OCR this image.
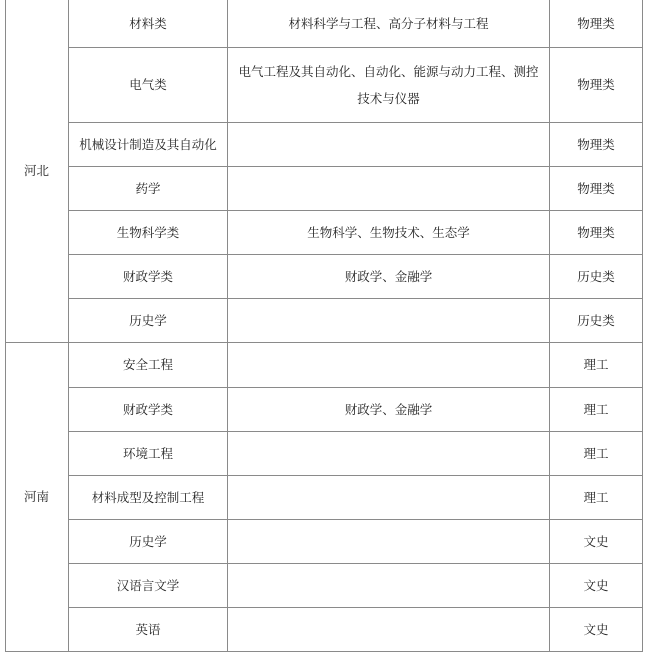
河北	材料类	材料科学与工程、高分子材料与工程	物理类
	电气类	电气工程及其自动化、自动化、能源与动力工程、测控技术与仪器	物理类
	机械设计制造及其自动化		物理类
	药学		物理类
	生物科学类	生物科学、生物技术、生态学	物理类
	财政学类	财政学、金融学	历史类
	历史学		历史类
河南	安全工程		理工
	财政学类	财政学、金融学	理工
	环境工程		理工
	材料成型及控制工程		理工
	历史学		文史
	汉语言文学		文史
	英语		文史
